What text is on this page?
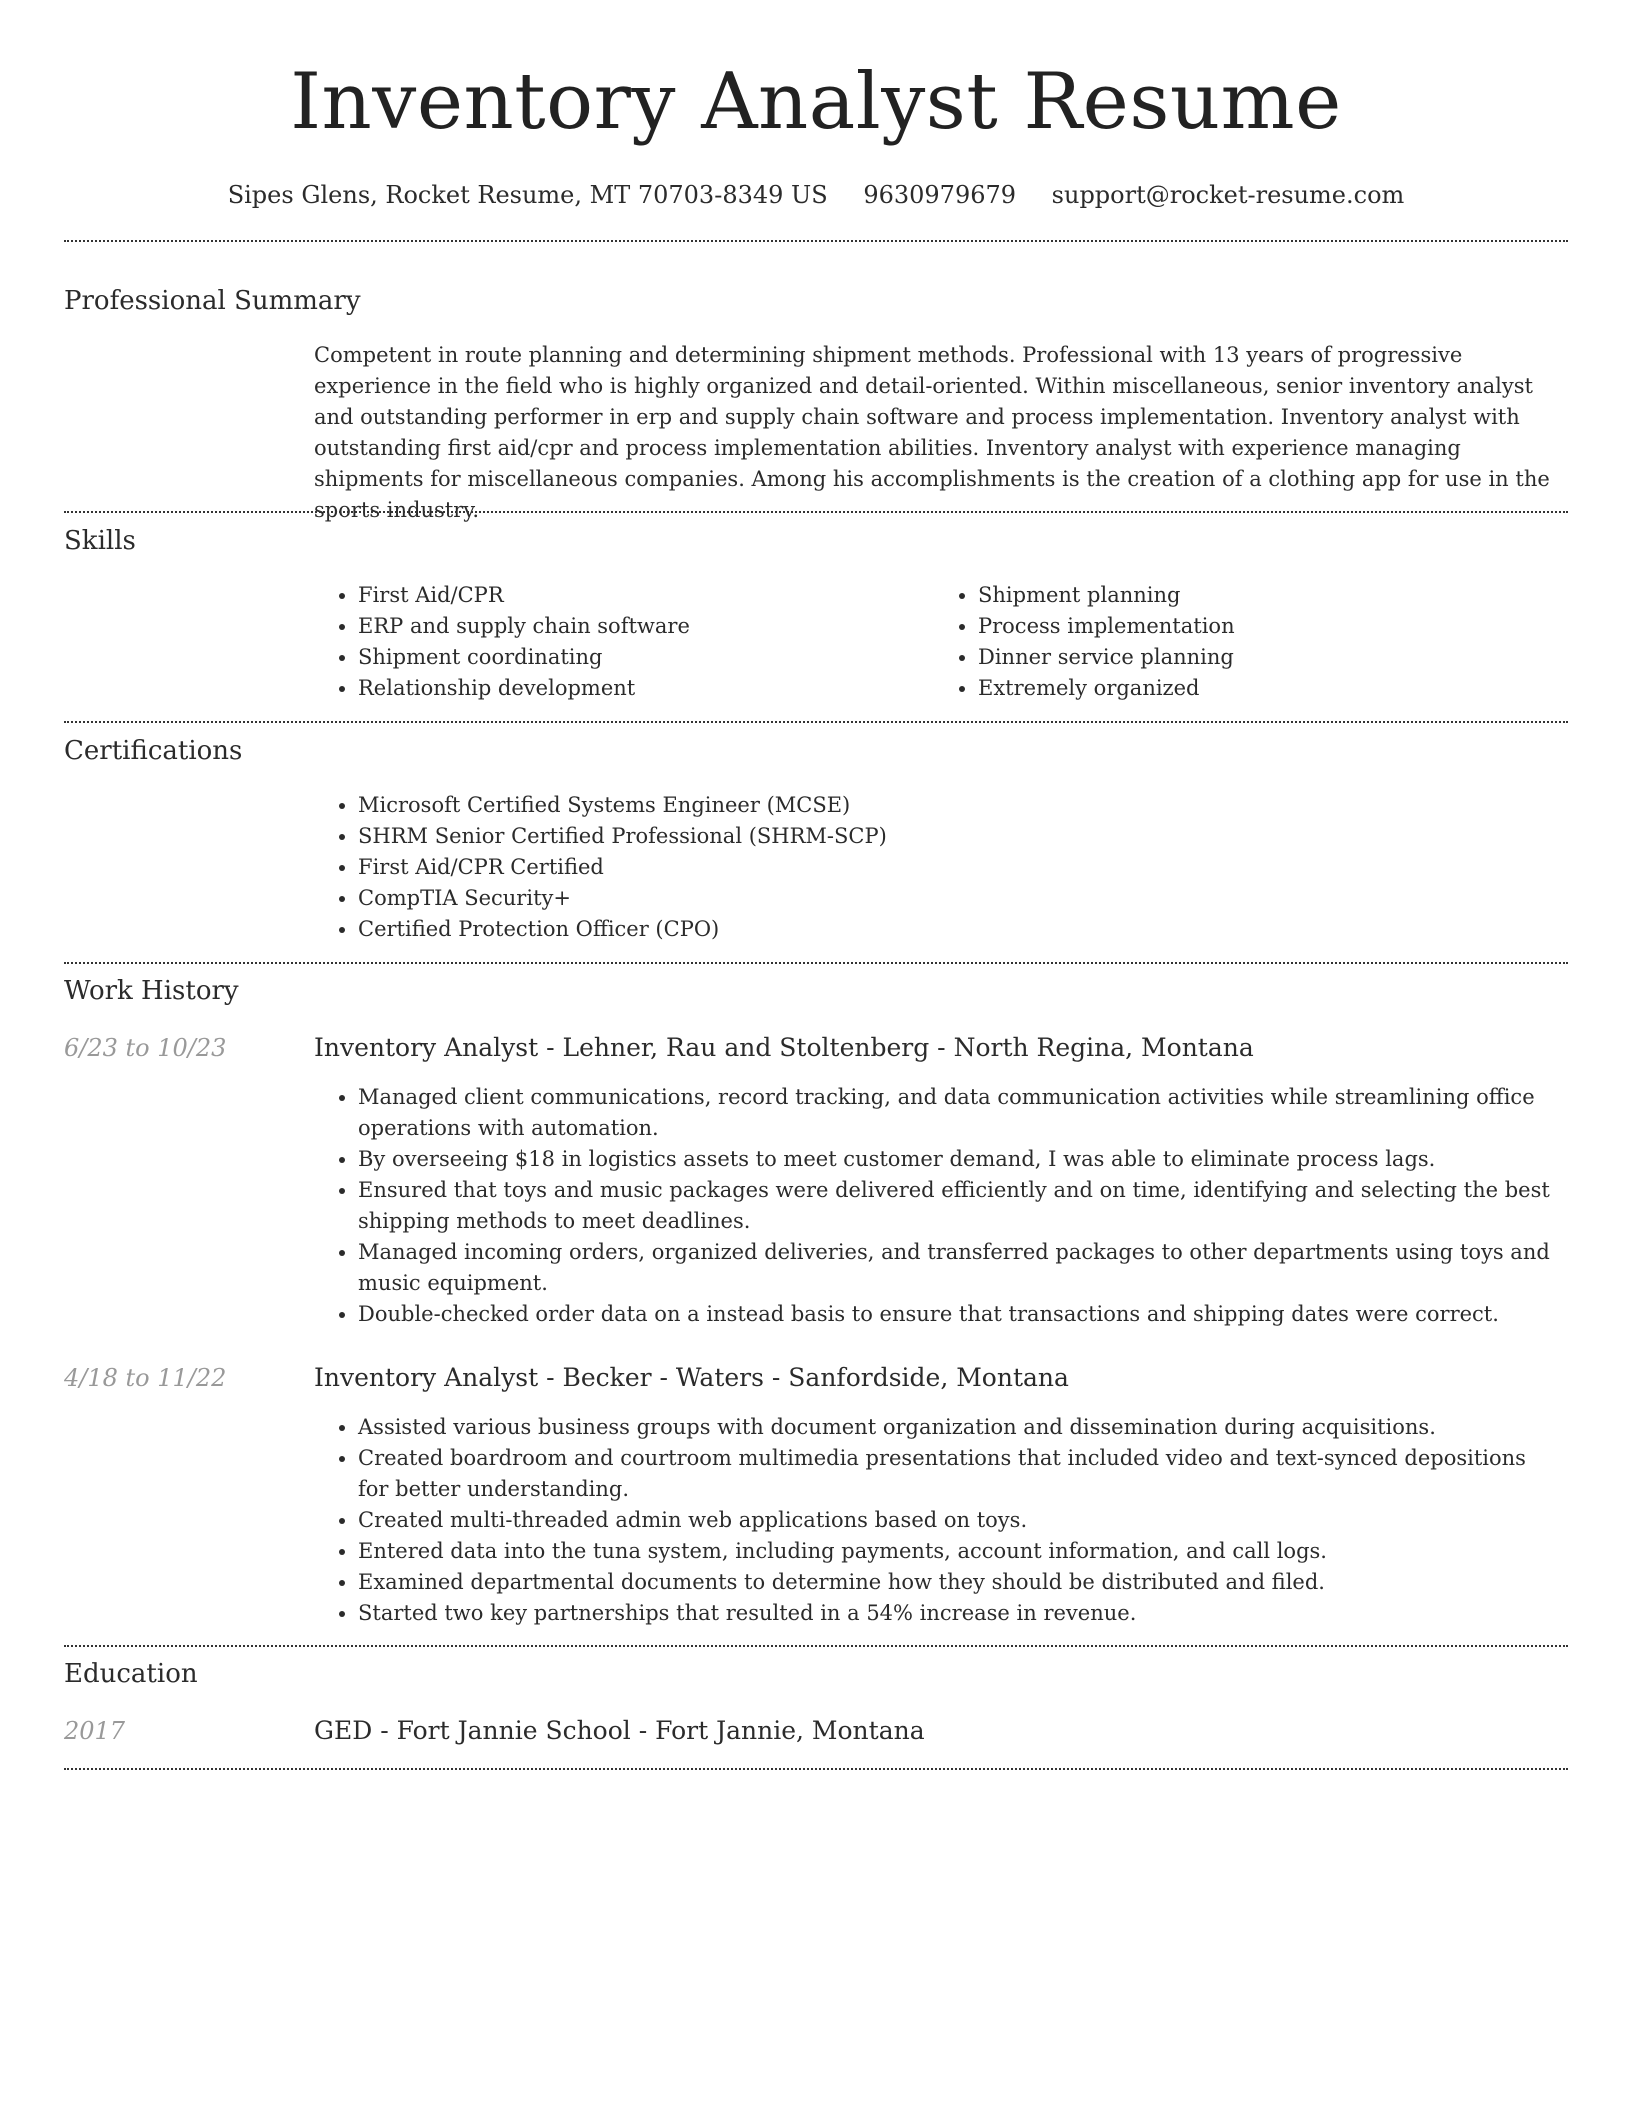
Inventory Analyst Resume
Sipes Glens, Rocket Resume, MT 70703-8349 US 9630979679 support@rocket-resume.com
Professional Summary

Competent in route planning and determining shipment methods. Professional with 13 years of progressive experience in the field who is highly organized and detail-oriented. Within miscellaneous, senior inventory analyst and outstanding performer in erp and supply chain software and process implementation. Inventory analyst with outstanding first aid/cpr and process implementation abilities. Inventory analyst with experience managing shipments for miscellaneous companies. Among his accomplishments is the creation of a clothing app for use in the sports industry.

Skills
• First Aid/CPR
• ERP and supply chain software
• Shipment coordinating
• Relationship development
• Shipment planning
• Process implementation
• Dinner service planning
• Extremely organized
Certifications
• Microsoft Certified Systems Engineer (MCSE)
• SHRM Senior Certified Professional (SHRM-SCP)
• First Aid/CPR Certified
• CompTIA Security+
• Certified Protection Officer (CPO)
Work History
6/23 to 10/23	Inventory Analyst - Lehner, Rau and Stoltenberg - North Regina, Montana
• Managed client communications, record tracking, and data communication activities while streamlining office operations with automation.
• By overseeing $18 in logistics assets to meet customer demand, I was able to eliminate process lags.
• Ensured that toys and music packages were delivered efficiently and on time, identifying and selecting the best shipping methods to meet deadlines.
• Managed incoming orders, organized deliveries, and transferred packages to other departments using toys and music equipment.
• Double-checked order data on a instead basis to ensure that transactions and shipping dates were correct.
4/18 to 11/22	Inventory Analyst - Becker - Waters - Sanfordside, Montana
• Assisted various business groups with document organization and dissemination during acquisitions.
• Created boardroom and courtroom multimedia presentations that included video and text-synced depositions for better understanding.
• Created multi-threaded admin web applications based on toys.
• Entered data into the tuna system, including payments, account information, and call logs.
• Examined departmental documents to determine how they should be distributed and filed.
• Started two key partnerships that resulted in a 54% increase in revenue.
Education
2017	GED - Fort Jannie School - Fort Jannie, Montana
